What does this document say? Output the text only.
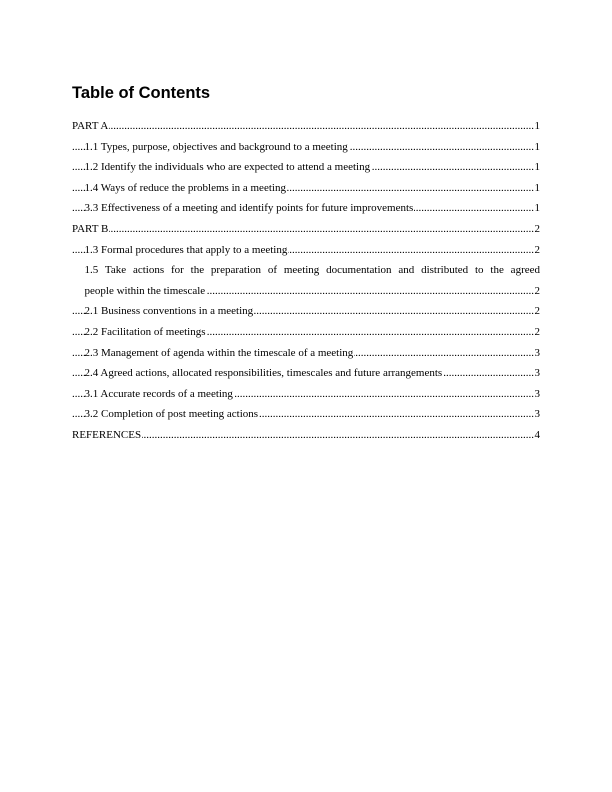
Table of Contents
.....
PART A	1
.....
1.1 Types, purpose, objectives and background to a meeting	1
.....
1.2 Identify the individuals who are expected to attend a meeting	1
.....
1.4 Ways of reduce the problems in a meeting	1
.....
3.3 Effectiveness of a meeting and identify points for future improvements	1
.....
PART B	2
.....
1.3 Formal procedures that apply to a meeting	2
1.5 Take actions for the preparation of meeting documentation and distributed to the agreed
.....
people within the timescale	2
.....
2.1 Business conventions in a meeting	2
.....
2.2 Facilitation of meetings	2
.....
2.3 Management of agenda within the timescale of a meeting	3
.....
2.4 Agreed actions, allocated responsibilities, timescales and future arrangements	3
.....
3.1 Accurate records of a meeting	3
.....
3.2 Completion of post meeting actions	3
.....
REFERENCES	4
